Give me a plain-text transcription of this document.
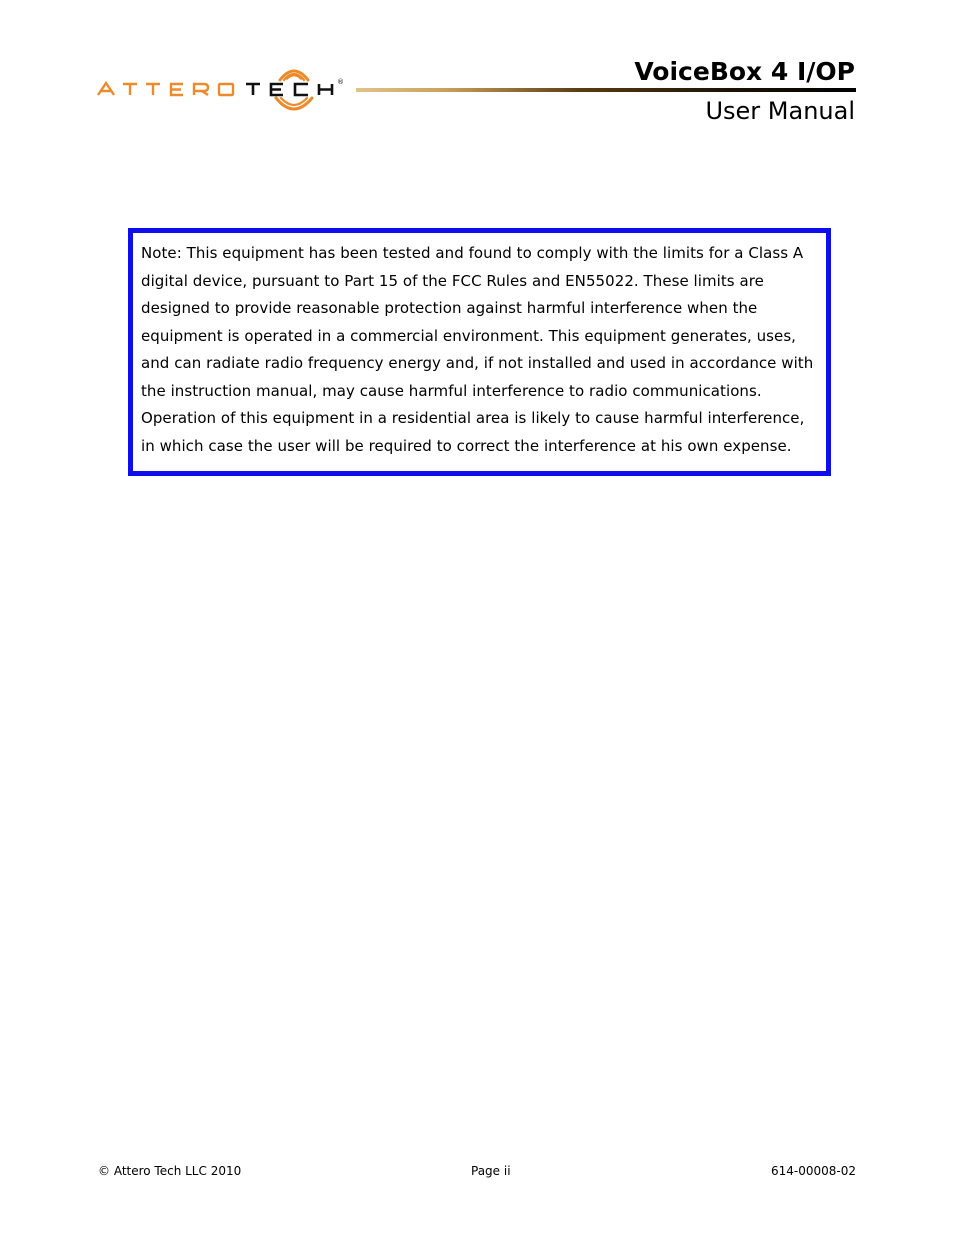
®	VoiceBox 4 I/OP
User Manual
Note: This equipment has been tested and found to comply with the limits for a Class A
digital device, pursuant to Part 15 of the FCC Rules and EN55022. These limits are
designed to provide reasonable protection against harmful interference when the
equipment is operated in a commercial environment. This equipment generates, uses,
and can radiate radio frequency energy and, if not installed and used in accordance with
the instruction manual, may cause harmful interference to radio communications.
Operation of this equipment in a residential area is likely to cause harmful interference,
in which case the user will be required to correct the interference at his own expense.
© Attero Tech LLC 2010	Page ii	614-00008-02
